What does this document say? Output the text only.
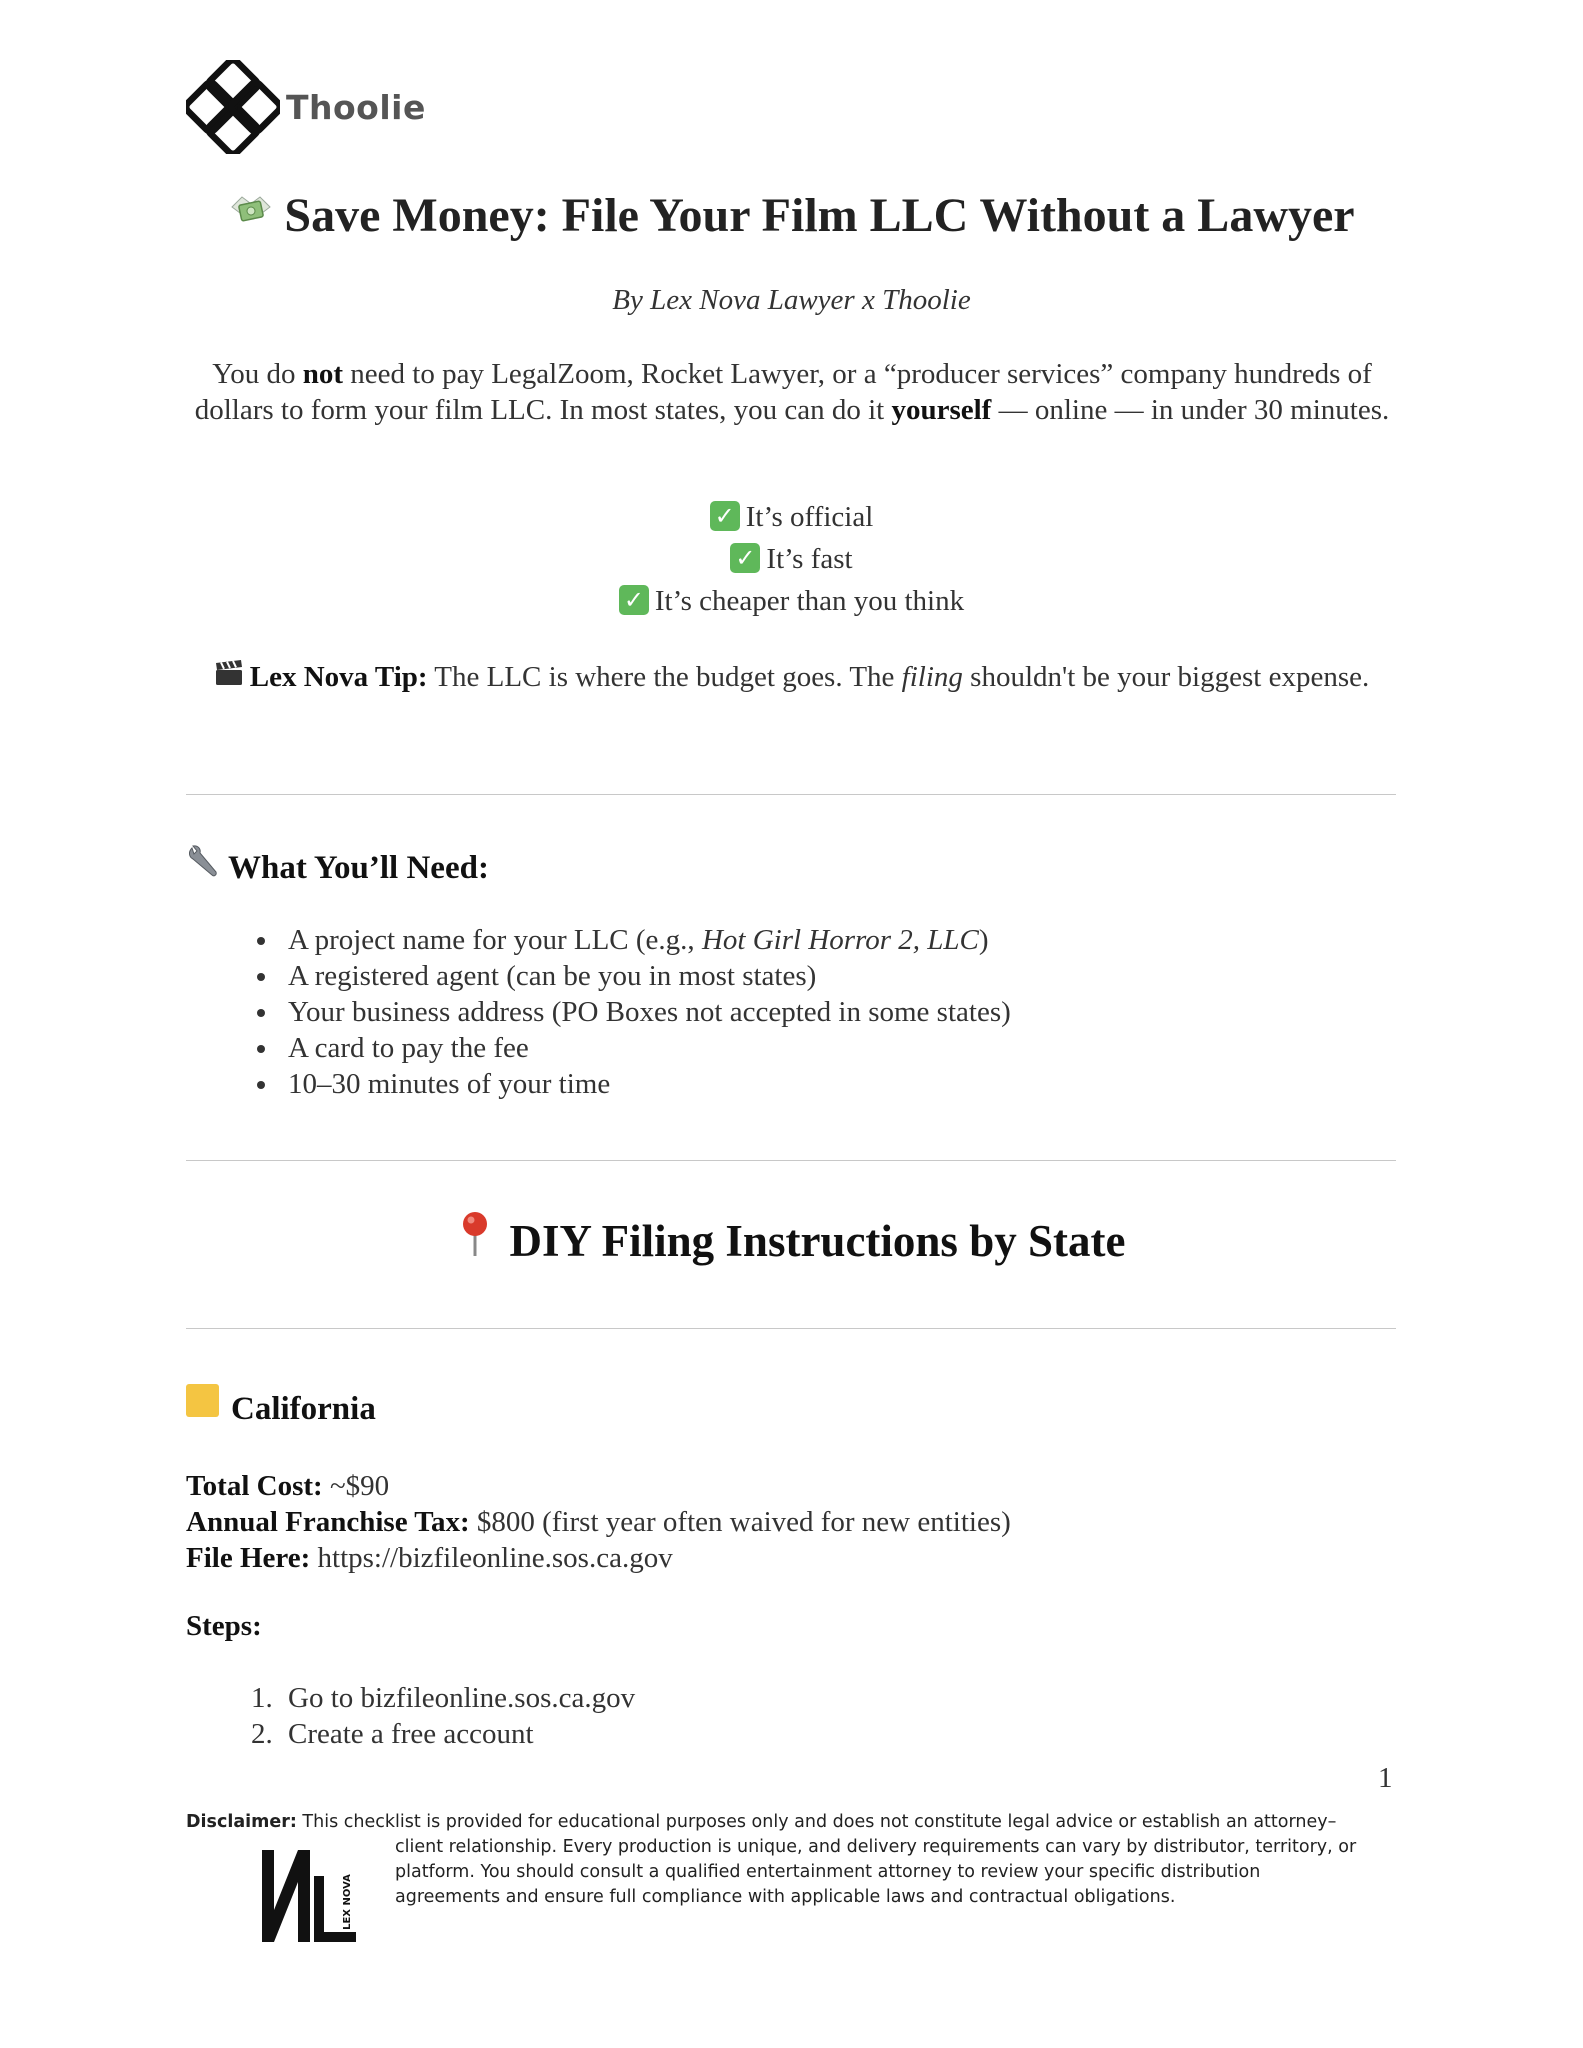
Thoolie
Save Money: File Your Film LLC Without a Lawyer
By Lex Nova Lawyer x Thoolie
You do not need to pay LegalZoom, Rocket Lawyer, or a “producer services” company hundreds of dollars to form your film LLC. In most states, you can do it yourself — online — in under 30 minutes.
✓ It’s official
✓ It’s fast
✓ It’s cheaper than you think
Lex Nova Tip: The LLC is where the budget goes. The filing shouldn't be your biggest expense.
What You’ll Need:
• A project name for your LLC (e.g., Hot Girl Horror 2, LLC)
• A registered agent (can be you in most states)
• Your business address (PO Boxes not accepted in some states)
• A card to pay the fee
• 10–30 minutes of your time
DIY Filing Instructions by State
California
Total Cost: ~$90
Annual Franchise Tax: $800 (first year often waived for new entities)
File Here: https://bizfileonline.sos.ca.gov
Steps:
1. Go to bizfileonline.sos.ca.gov
2. Create a free account
1
Disclaimer: This checklist is provided for educational purposes only and does not constitute legal advice or establish an attorney–
client relationship. Every production is unique, and delivery requirements can vary by distributor, territory, or platform. You should consult a qualified entertainment attorney to review your specific distribution agreements and ensure full compliance with applicable laws and contractual obligations.
LEX NOVA
